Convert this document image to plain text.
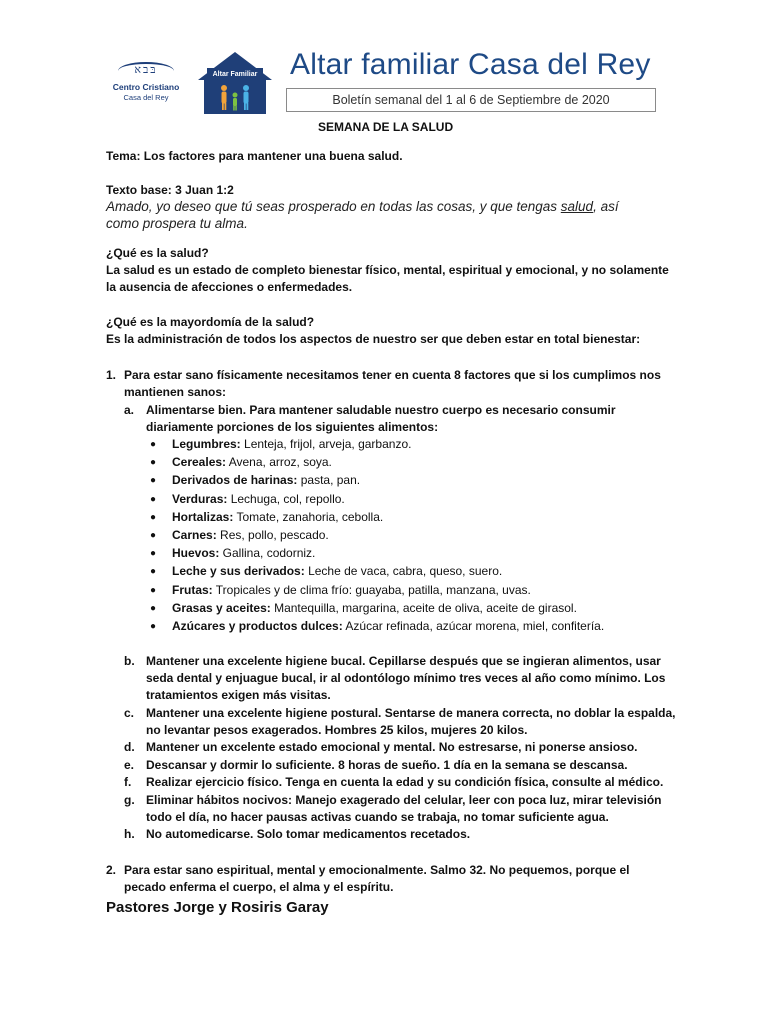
בּבא
Centro Cristiano
Casa del Rey
Altar Familiar Altar familiar Casa del Rey
Boletín semanal del 1 al 6 de Septiembre de 2020
SEMANA DE LA SALUD
Tema: Los factores para mantener una buena salud.
Texto base: 3 Juan 1:2
Amado, yo deseo que tú seas prosperado en todas las cosas, y que tengas salud, así
como prospera tu alma.
¿Qué es la salud?
La salud es un estado de completo bienestar físico, mental, espiritual y emocional, y no solamente
la ausencia de afecciones o enfermedades.
¿Qué es la mayordomía de la salud?
Es la administración de todos los aspectos de nuestro ser que deben estar en total bienestar:
1. Para estar sano físicamente necesitamos tener en cuenta 8 factores que si los cumplimos nos
mantienen sanos:
a. Alimentarse bien. Para mantener saludable nuestro cuerpo es necesario consumir
diariamente porciones de los siguientes alimentos:
● Legumbres: Lenteja, frijol, arveja, garbanzo.
● Cereales: Avena, arroz, soya.
● Derivados de harinas: pasta, pan.
● Verduras: Lechuga, col, repollo.
● Hortalizas: Tomate, zanahoria, cebolla.
● Carnes: Res, pollo, pescado.
● Huevos: Gallina, codorniz.
● Leche y sus derivados: Leche de vaca, cabra, queso, suero.
● Frutas: Tropicales y de clima frío: guayaba, patilla, manzana, uvas.
● Grasas y aceites: Mantequilla, margarina, aceite de oliva, aceite de girasol.
● Azúcares y productos dulces: Azúcar refinada, azúcar morena, miel, confitería.
b. Mantener una excelente higiene bucal. Cepillarse después que se ingieran alimentos, usar
seda dental y enjuague bucal, ir al odontólogo mínimo tres veces al año como mínimo. Los
tratamientos exigen más visitas.
c. Mantener una excelente higiene postural. Sentarse de manera correcta, no doblar la espalda,
no levantar pesos exagerados. Hombres 25 kilos, mujeres 20 kilos.
d. Mantener un excelente estado emocional y mental. No estresarse, ni ponerse ansioso.
e. Descansar y dormir lo suficiente. 8 horas de sueño. 1 día en la semana se descansa.
f. Realizar ejercicio físico. Tenga en cuenta la edad y su condición física, consulte al médico.
g. Eliminar hábitos nocivos: Manejo exagerado del celular, leer con poca luz, mirar televisión
todo el día, no hacer pausas activas cuando se trabaja, no tomar suficiente agua.
h. No automedicarse. Solo tomar medicamentos recetados.
2. Para estar sano espiritual, mental y emocionalmente. Salmo 32. No pequemos, porque el
pecado enferma el cuerpo, el alma y el espíritu.
Pastores Jorge y Rosiris Garay
